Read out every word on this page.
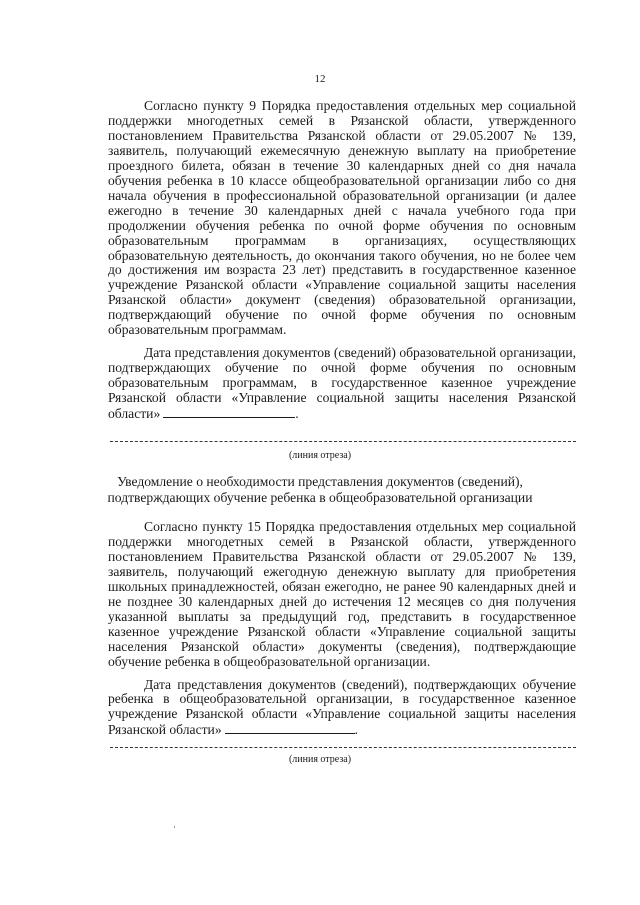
12

Согласно пункту 9 Порядка предоставления отдельных мер социальной поддержки многодетных семей в Рязанской области, утвержденного постановлением Правительства Рязанской области от 29.05.2007 № 139, заявитель, получающий ежемесячную денежную выплату на приобретение проездного билета, обязан в течение 30 календарных дней со дня начала обучения ребенка в 10 классе общеобразовательной организации либо со дня начала обучения в профессиональной образовательной организации (и далее ежегодно в течение 30 календарных дней с начала учебного года при продолжении обучения ребенка по очной форме обучения по основным образовательным программам в организациях, осуществляющих образовательную деятельность, до окончания такого обучения, но не более чем до достижения им возраста 23 лет) представить в государственное казенное учреждение Рязанской области «Управление социальной защиты населения Рязанской области» документ (сведения) образовательной организации, подтверждающий обучение по очной форме обучения по основным образовательным программам.

Дата представления документов (сведений) образовательной организации, подтверждающих обучение по очной форме обучения по основным образовательным программам, в государственное казенное учреждение Рязанской области «Управление социальной защиты населения Рязанской области»	.

(линия отреза)
Уведомление о необходимости представления документов (сведений),
подтверждающих обучение ребенка в общеобразовательной организации

Согласно пункту 15 Порядка предоставления отдельных мер социальной поддержки многодетных семей в Рязанской области, утвержденного постановлением Правительства Рязанской области от 29.05.2007 № 139, заявитель, получающий ежегодную денежную выплату для приобретения школьных принадлежностей, обязан ежегодно, не ранее 90 календарных дней и не позднее 30 календарных дней до истечения 12 месяцев со дня получения указанной выплаты за предыдущий год, представить в государственное казенное учреждение Рязанской области «Управление социальной защиты населения Рязанской области» документы (сведения), подтверждающие обучение ребенка в общеобразовательной организации.

Дата представления документов (сведений), подтверждающих обучение ребенка в общеобразовательной организации, в государственное казенное учреждение Рязанской области «Управление социальной защиты населения Рязанской области»	.

(линия отреза)
